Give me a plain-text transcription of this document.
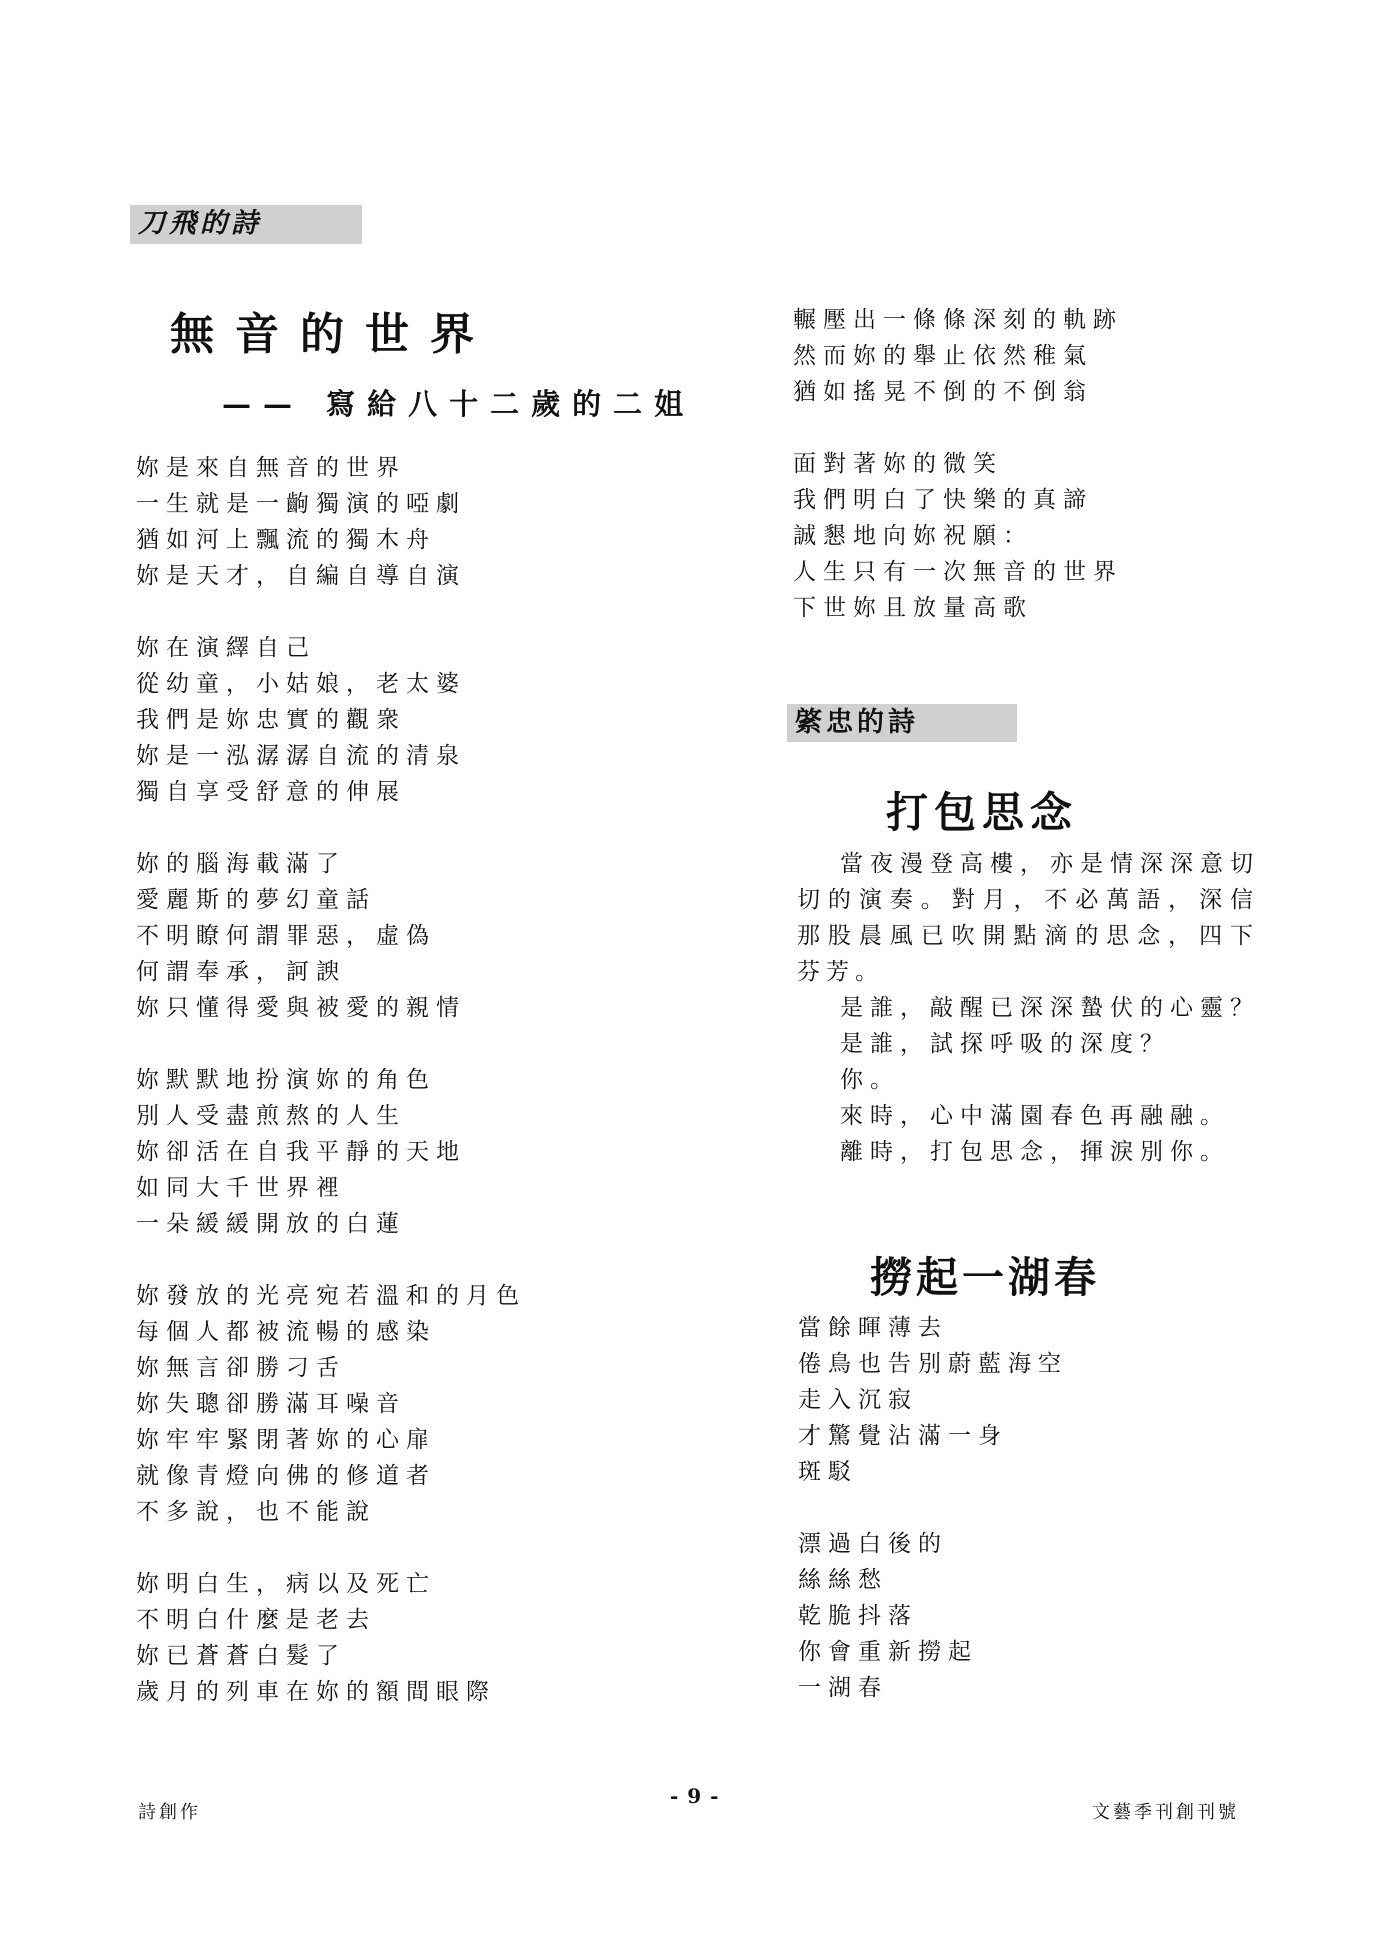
刀飛的詩
無音的世界
—— 寫給八十二歲的二姐
妳是來自無音的世界
一生就是一齣獨演的啞劇
猶如河上飄流的獨木舟
妳是天才，自編自導自演
妳在演繹自己
從幼童，小姑娘，老太婆
我們是妳忠實的觀衆
妳是一泓潺潺自流的清泉
獨自享受舒意的伸展
妳的腦海載滿了
愛麗斯的夢幻童話
不明瞭何謂罪惡，虛偽
何謂奉承，訶諛
妳只懂得愛與被愛的親情
妳默默地扮演妳的角色
別人受盡煎熬的人生
妳卻活在自我平靜的天地
如同大千世界裡
一朵緩緩開放的白蓮
妳發放的光亮宛若溫和的月色
每個人都被流暢的感染
妳無言卻勝刁舌
妳失聰卻勝滿耳噪音
妳牢牢緊閉著妳的心扉
就像青燈向佛的修道者
不多說，也不能說
妳明白生，病以及死亡
不明白什麼是老去
妳已蒼蒼白髮了
歲月的列車在妳的額間眼際
輾壓出一條條深刻的軌跡
然而妳的舉止依然稚氣
猶如搖晃不倒的不倒翁
面對著妳的微笑
我們明白了快樂的真諦
誠懇地向妳祝願：
人生只有一次無音的世界
下世妳且放量高歌
綮忠的詩
打包思念

當夜漫登高樓，亦是情深深意切切的演奏。對月，不必萬語，深信那股晨風已吹開點滴的思念，四下芬芳。

是誰，敲醒已深深蟄伏的心靈？
是誰，試探呼吸的深度？
你。
來時，心中滿園春色再融融。
離時，打包思念，揮淚別你。
撈起一湖春
當餘暉薄去
倦鳥也告別蔚藍海空
走入沉寂
才驚覺沾滿一身
斑駁
漂過白後的
絲絲愁
乾脆抖落
你會重新撈起
一湖春
詩創作
- 9 -
文藝季刊創刊號
